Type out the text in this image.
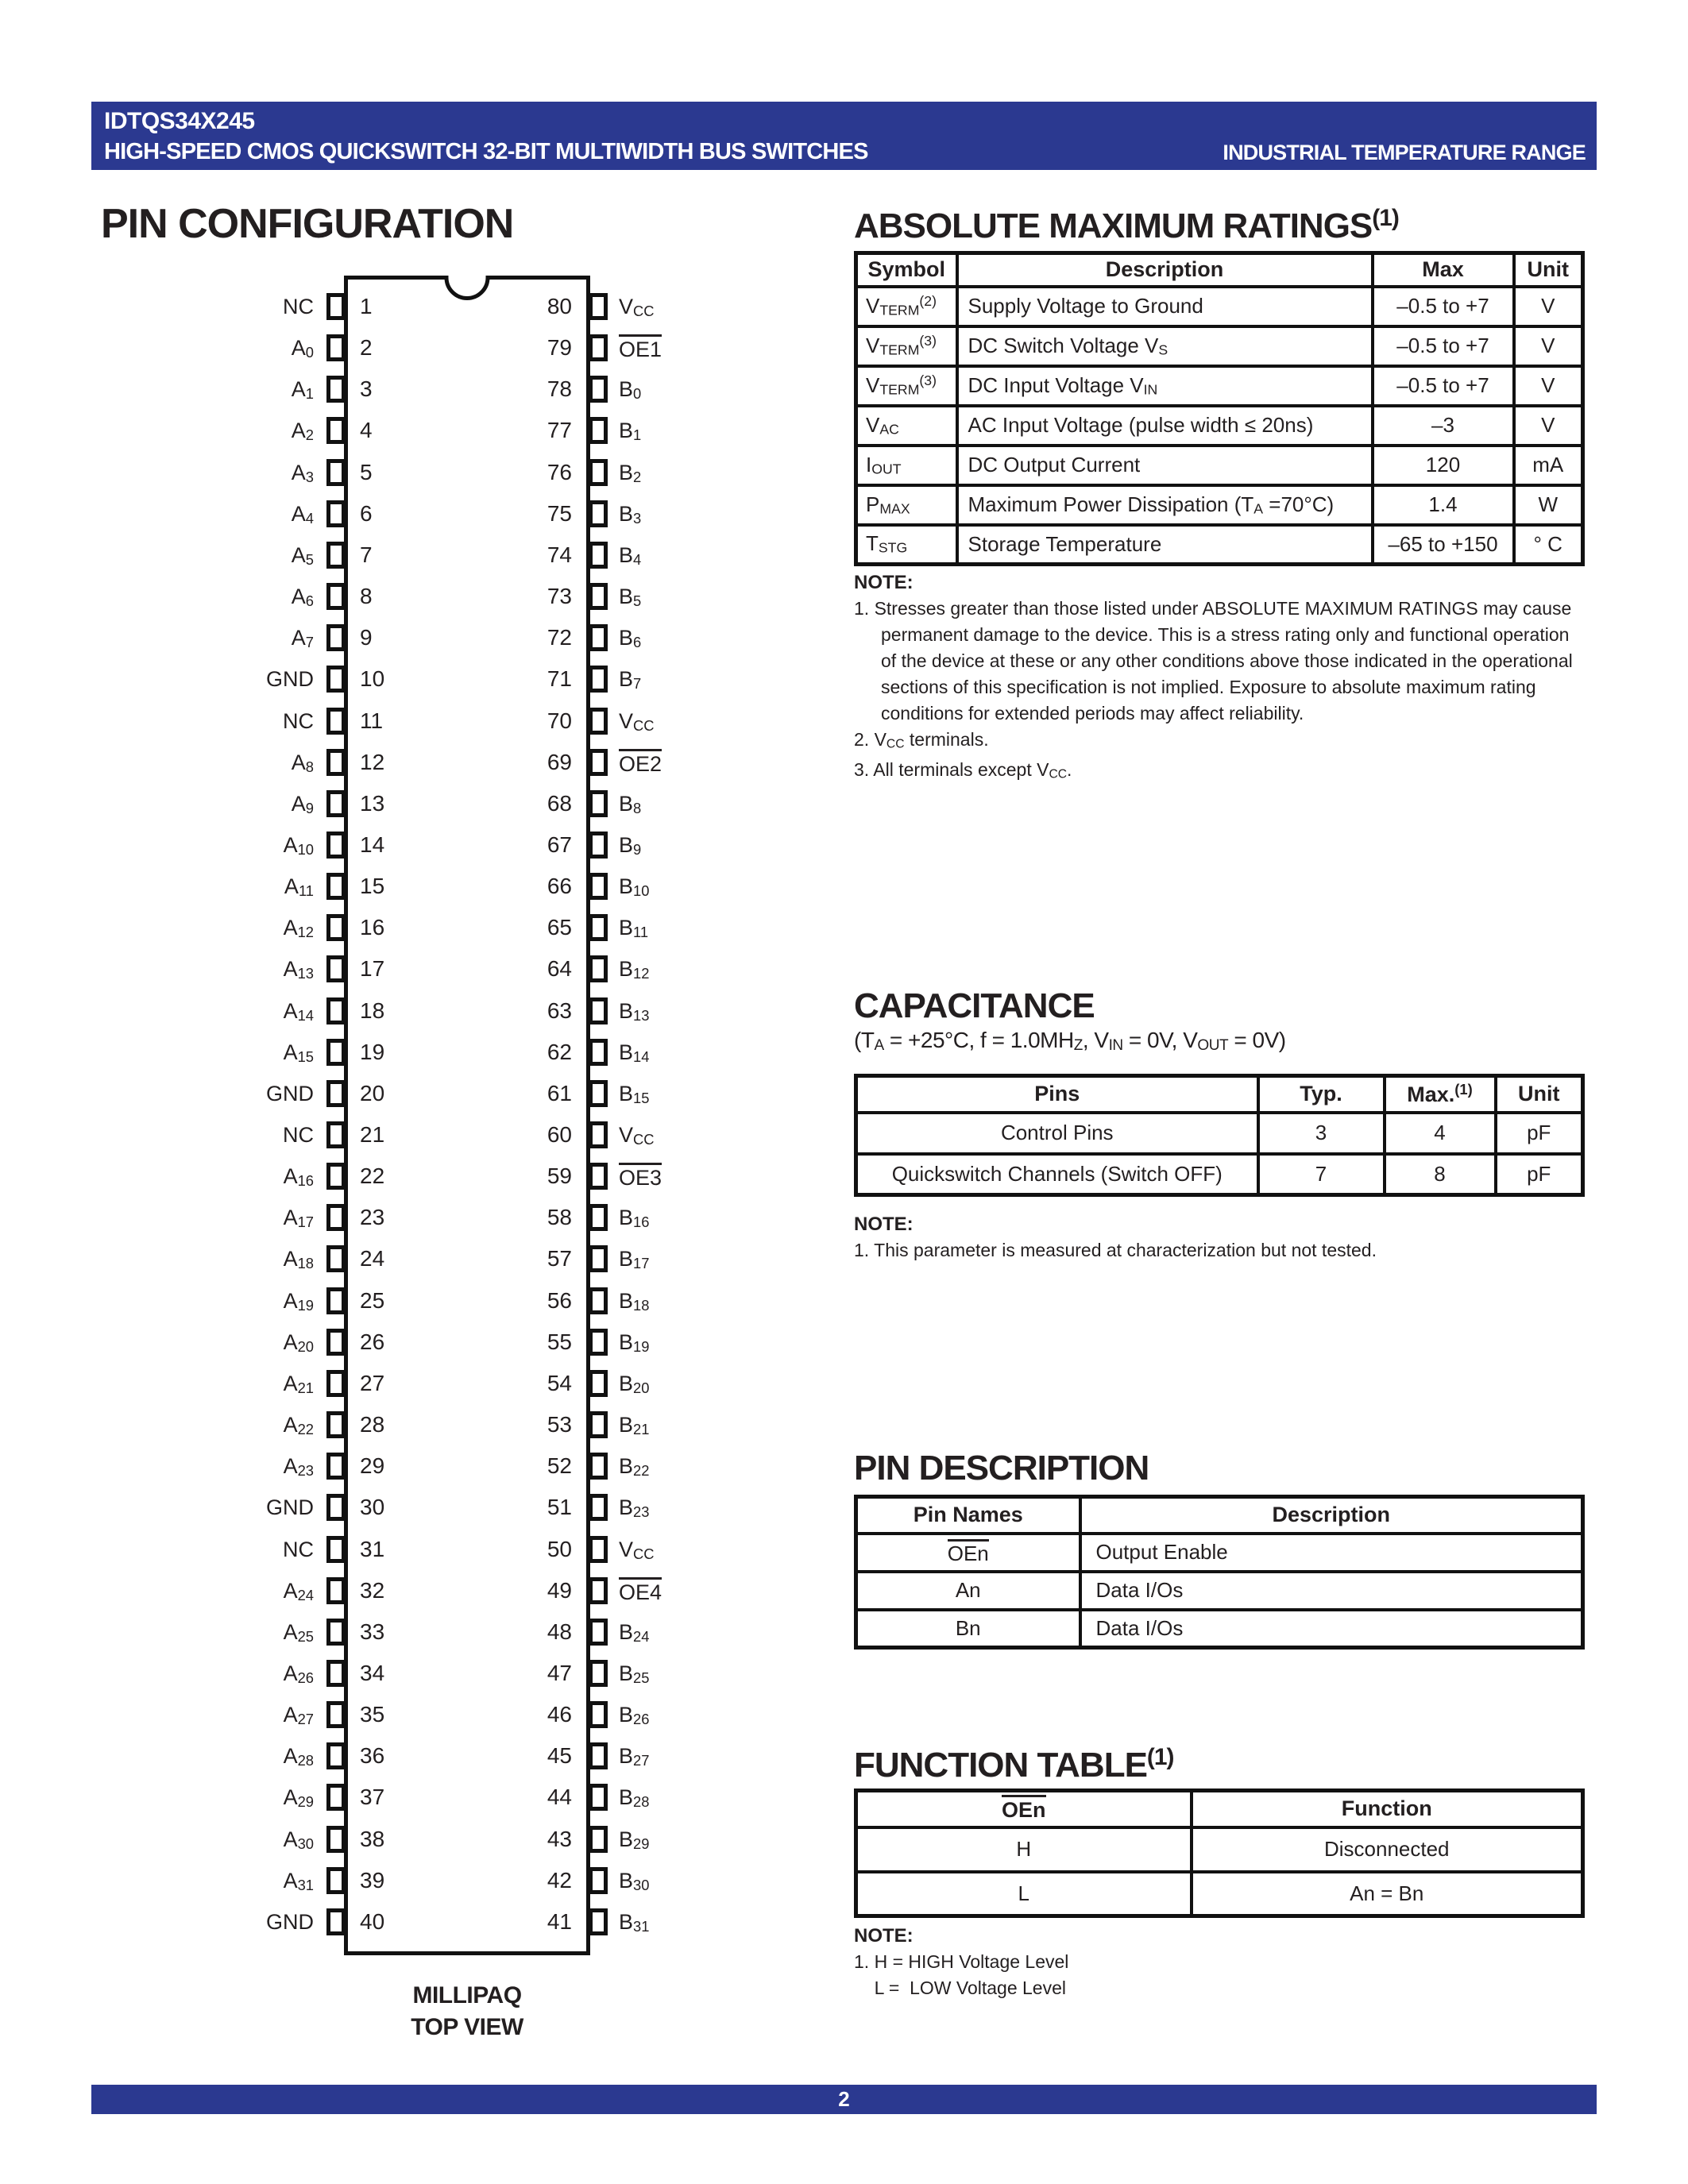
IDTQS34X245
HIGH-SPEED CMOS QUICKSWITCH 32-BIT MULTIWIDTH BUS SWITCHES	INDUSTRIAL TEMPERATURE RANGE
PIN CONFIGURATION
NC 1	80 VCC
A0 2	79 OE1
A1 3	78 B0
A2 4	77 B1
A3 5	76 B2
A4 6	75 B3
A5 7	74 B4
A6 8	73 B5
A7 9	72 B6
GND 10	71 B7
NC 11	70 VCC
A8 12	69 OE2
A9 13	68 B8
A10 14	67 B9
A11 15	66 B10
A12 16	65 B11
A13 17	64 B12
A14 18	63 B13
A15 19	62 B14
GND 20	61 B15
NC 21	60 VCC
A16 22	59 OE3
A17 23	58 B16
A18 24	57 B17
A19 25	56 B18
A20 26	55 B19
A21 27	54 B20
A22 28	53 B21
A23 29	52 B22
GND 30	51 B23
NC 31	50 VCC
A24 32	49 OE4
A25 33	48 B24
A26 34	47 B25
A27 35	46 B26
A28 36	45 B27
A29 37	44 B28
A30 38	43 B29
A31 39	42 B30
GND 40	41 B31
MILLIPAQ
TOP VIEW
ABSOLUTE MAXIMUM RATINGS$^{(1)}$
Symbol	Description	Max	Unit
VTERM$^{(2)}$	Supply Voltage to Ground	–0.5 to +7	V
VTERM$^{(3)}$	DC Switch Voltage VS	–0.5 to +7	V
VTERM$^{(3)}$	DC Input Voltage VIN	–0.5 to +7	V
VAC	AC Input Voltage (pulse width ≤ 20ns)	–3	V
IOUT	DC Output Current	120	mA
PMAX	Maximum Power Dissipation (TA =70°C)	1.4	W
TSTG	Storage Temperature	–65 to +150	° C
NOTE:
1. Stresses greater than those listed under ABSOLUTE MAXIMUM RATINGS may cause permanent damage to the device. This is a stress rating only and functional operation of the device at these or any other conditions above those indicated in the operational sections of this specification is not implied. Exposure to absolute maximum rating conditions for extended periods may affect reliability.
2. VCC terminals.
3. All terminals except VCC.
CAPACITANCE
(TA = +25°C, f = 1.0MHZ, VIN = 0V, VOUT = 0V)
Pins	Typ.	Max.$^{(1)}$	Unit
Control Pins	3	4	pF
Quickswitch Channels (Switch OFF)	7	8	pF
NOTE:
1. This parameter is measured at characterization but not tested.
PIN DESCRIPTION
Pin Names	Description
OEn	Output Enable
An	Data I/Os
Bn	Data I/Os
FUNCTION TABLE$^{(1)}$
OEn	Function
H	Disconnected
L	An = Bn
NOTE:
1. H = HIGH Voltage Level
L =  LOW Voltage Level
2
